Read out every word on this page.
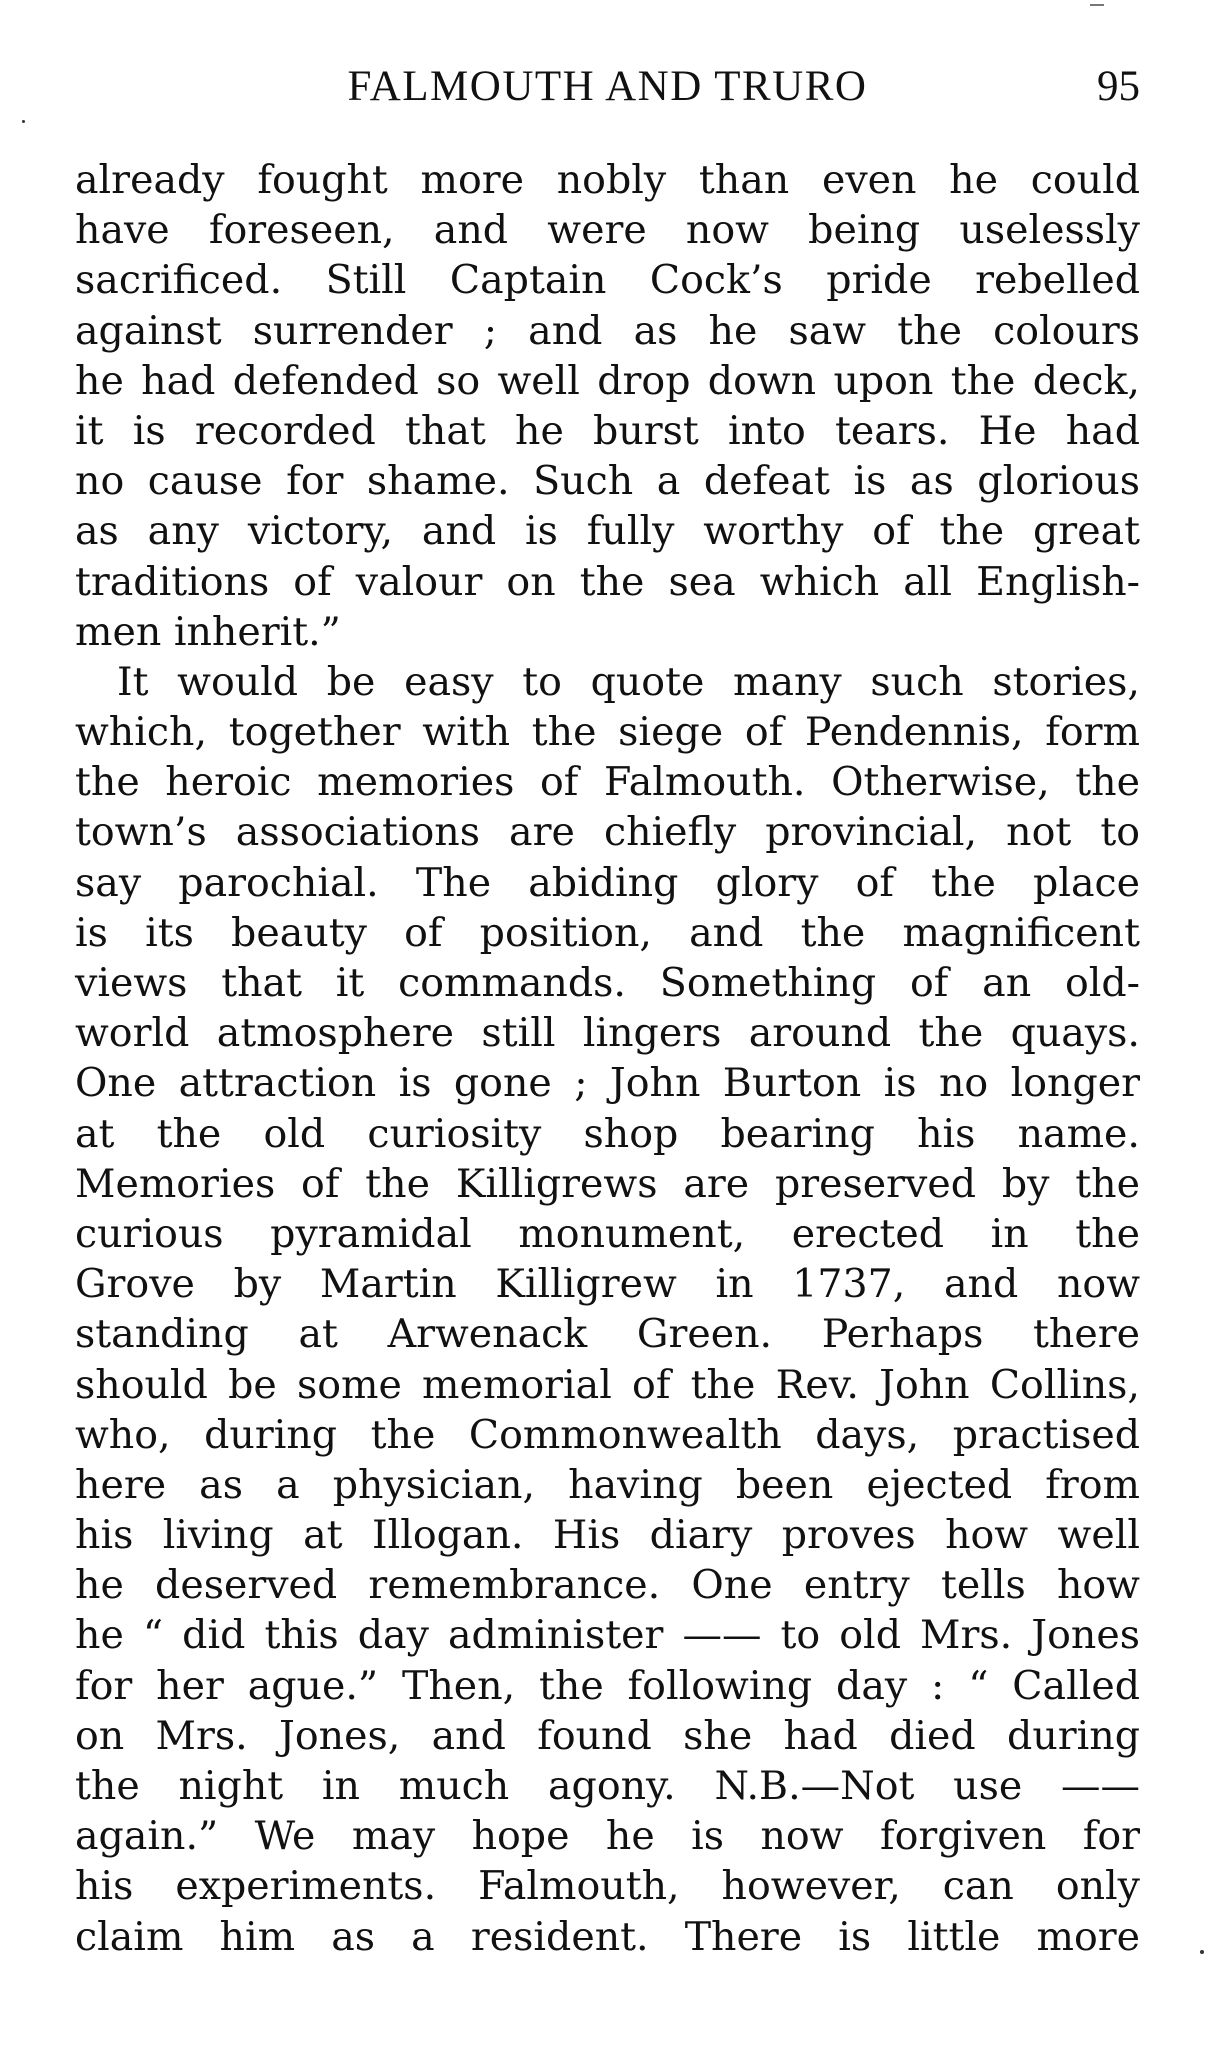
FALMOUTH AND TRURO	95
already fought more nobly than even he could
have foreseen, and were now being uselessly
sacrificed. Still Captain Cock’s pride rebelled
against surrender ; and as he saw the colours
he had defended so well drop down upon the deck,
it is recorded that he burst into tears. He had
no cause for shame. Such a defeat is as glorious
as any victory, and is fully worthy of the great
traditions of valour on the sea which all English-
men inherit.”
It would be easy to quote many such stories,
which, together with the siege of Pendennis, form
the heroic memories of Falmouth. Otherwise, the
town’s associations are chiefly provincial, not to
say parochial. The abiding glory of the place
is its beauty of position, and the magnificent
views that it commands. Something of an old-
world atmosphere still lingers around the quays.
One attraction is gone ; John Burton is no longer
at the old curiosity shop bearing his name.
Memories of the Killigrews are preserved by the
curious pyramidal monument, erected in the
Grove by Martin Killigrew in 1737, and now
standing at Arwenack Green. Perhaps there
should be some memorial of the Rev. John Collins,
who, during the Commonwealth days, practised
here as a physician, having been ejected from
his living at Illogan. His diary proves how well
he deserved remembrance. One entry tells how
he “ did this day administer —— to old Mrs. Jones
for her ague.” Then, the following day : “ Called
on Mrs. Jones, and found she had died during
the night in much agony. N.B.—Not use ——
again.” We may hope he is now forgiven for
his experiments. Falmouth, however, can only
claim him as a resident. There is little more
